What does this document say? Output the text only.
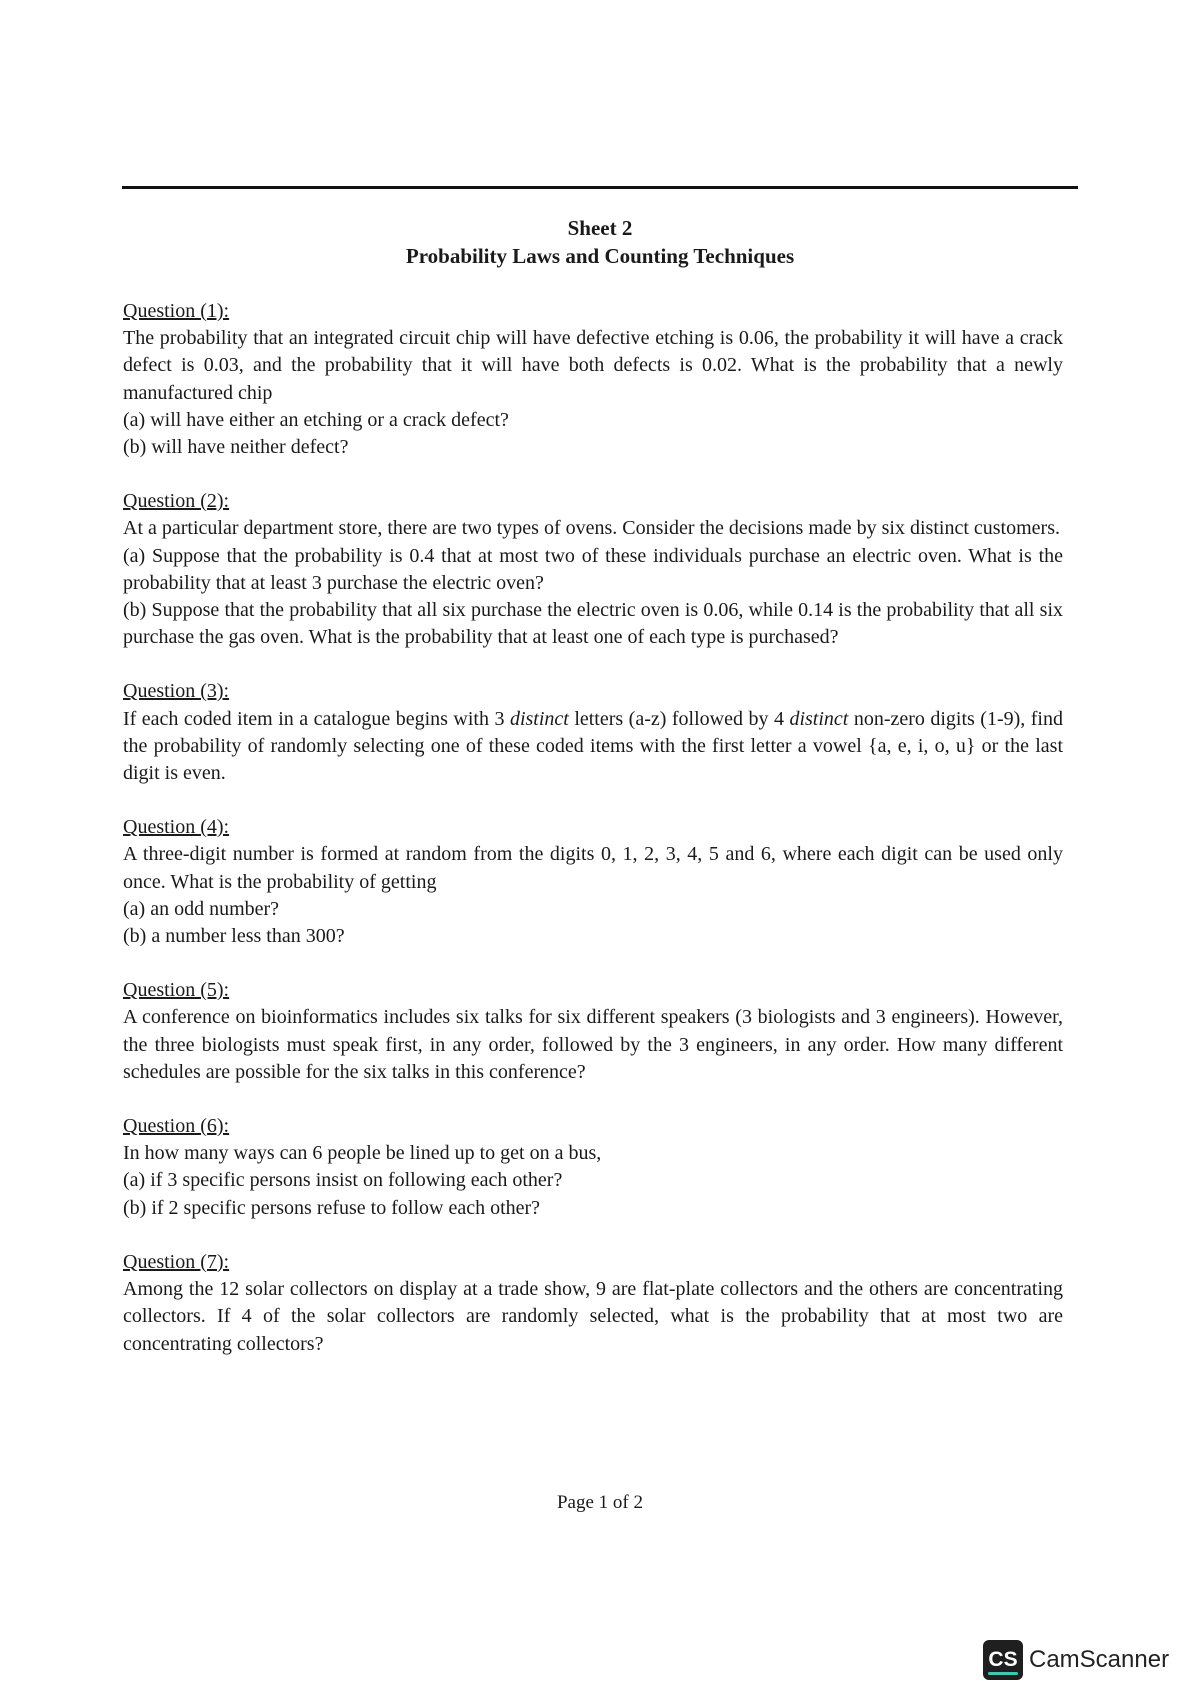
Sheet 2
Probability Laws and Counting Techniques
Question (1):

The probability that an integrated circuit chip will have defective etching is 0.06, the probability it will have a crack defect is 0.03, and the probability that it will have both defects is 0.02. What is the probability that a newly manufactured chip

(a) will have either an etching or a crack defect?

(b) will have neither defect?

Question (2):

At a particular department store, there are two types of ovens. Consider the decisions made by six distinct customers.

(a) Suppose that the probability is 0.4 that at most two of these individuals purchase an electric oven. What is the probability that at least 3 purchase the electric oven?

(b) Suppose that the probability that all six purchase the electric oven is 0.06, while 0.14 is the probability that all six purchase the gas oven. What is the probability that at least one of each type is purchased?

Question (3):

If each coded item in a catalogue begins with 3 distinct letters (a-z) followed by 4 distinct non-zero digits (1-9), find the probability of randomly selecting one of these coded items with the first letter a vowel {a, e, i, o, u} or the last digit is even.

Question (4):

A three-digit number is formed at random from the digits 0, 1, 2, 3, 4, 5 and 6, where each digit can be used only once. What is the probability of getting

(a) an odd number?

(b) a number less than 300?

Question (5):

A conference on bioinformatics includes six talks for six different speakers (3 biologists and 3 engineers). However, the three biologists must speak first, in any order, followed by the 3 engineers, in any order. How many different schedules are possible for the six talks in this conference?

Question (6):

In how many ways can 6 people be lined up to get on a bus,

(a) if 3 specific persons insist on following each other?

(b) if 2 specific persons refuse to follow each other?

Question (7):

Among the 12 solar collectors on display at a trade show, 9 are flat-plate collectors and the others are concentrating collectors. If 4 of the solar collectors are randomly selected, what is the probability that at most two are concentrating collectors?

Page 1 of 2
CS CamScanner
